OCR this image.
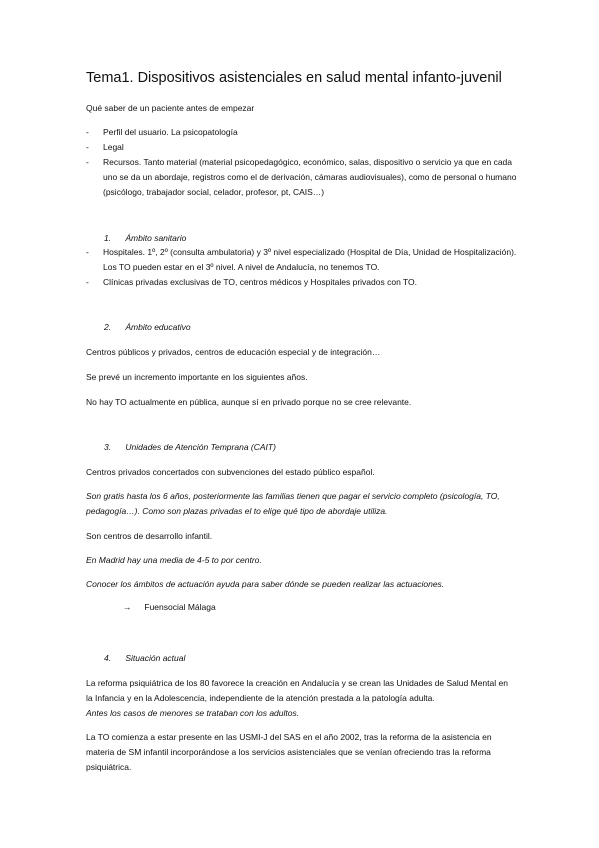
Tema1. Dispositivos asistenciales en salud mental infanto-juvenil

Qué saber de un paciente antes de empezar

- Perfil del usuario. La psicopatología
- Legal
- Recursos. Tanto material (material psicopedagógico, económico, salas, dispositivo o servicio ya que en cada uno se da un abordaje, registros como el de derivación, cámaras audiovisuales), como de personal o humano (psicólogo, trabajador social, celador, profesor, pt, CAIS…)
1. Ámbito sanitario
- Hospitales. 1º, 2º (consulta ambulatoria) y 3º nivel especializado (Hospital de Día, Unidad de Hospitalización). Los TO pueden estar en el 3º nivel. A nivel de Andalucía, no tenemos TO.
- Clínicas privadas exclusivas de TO, centros médicos y Hospitales privados con TO.
2. Ámbito educativo

Centros públicos y privados, centros de educación especial y de integración…

Se prevé un incremento importante en los siguientes años.

No hay TO actualmente en pública, aunque sí en privado porque no se cree relevante.

3. Unidades de Atención Temprana (CAIT)

Centros privados concertados con subvenciones del estado público español.

Son gratis hasta los 6 años, posteriormente las familias tienen que pagar el servicio completo (psicología, TO, pedagogía…). Como son plazas privadas el to elige qué tipo de abordaje utiliza.

Son centros de desarrollo infantil.

En Madrid hay una media de 4-5 to por centro.

Conocer los ámbitos de actuación ayuda para saber dónde se pueden realizar las actuaciones.

→ Fuensocial Málaga
4. Situación actual

La reforma psiquiátrica de los 80 favorece la creación en Andalucía y se crean las Unidades de Salud Mental en la Infancia y en la Adolescencia, independiente de la atención prestada a la patología adulta.

Antes los casos de menores se trataban con los adultos.

La TO comienza a estar presente en las USMI-J del SAS en el año 2002, tras la reforma de la asistencia en materia de SM infantil incorporándose a los servicios asistenciales que se venían ofreciendo tras la reforma psiquiátrica.
